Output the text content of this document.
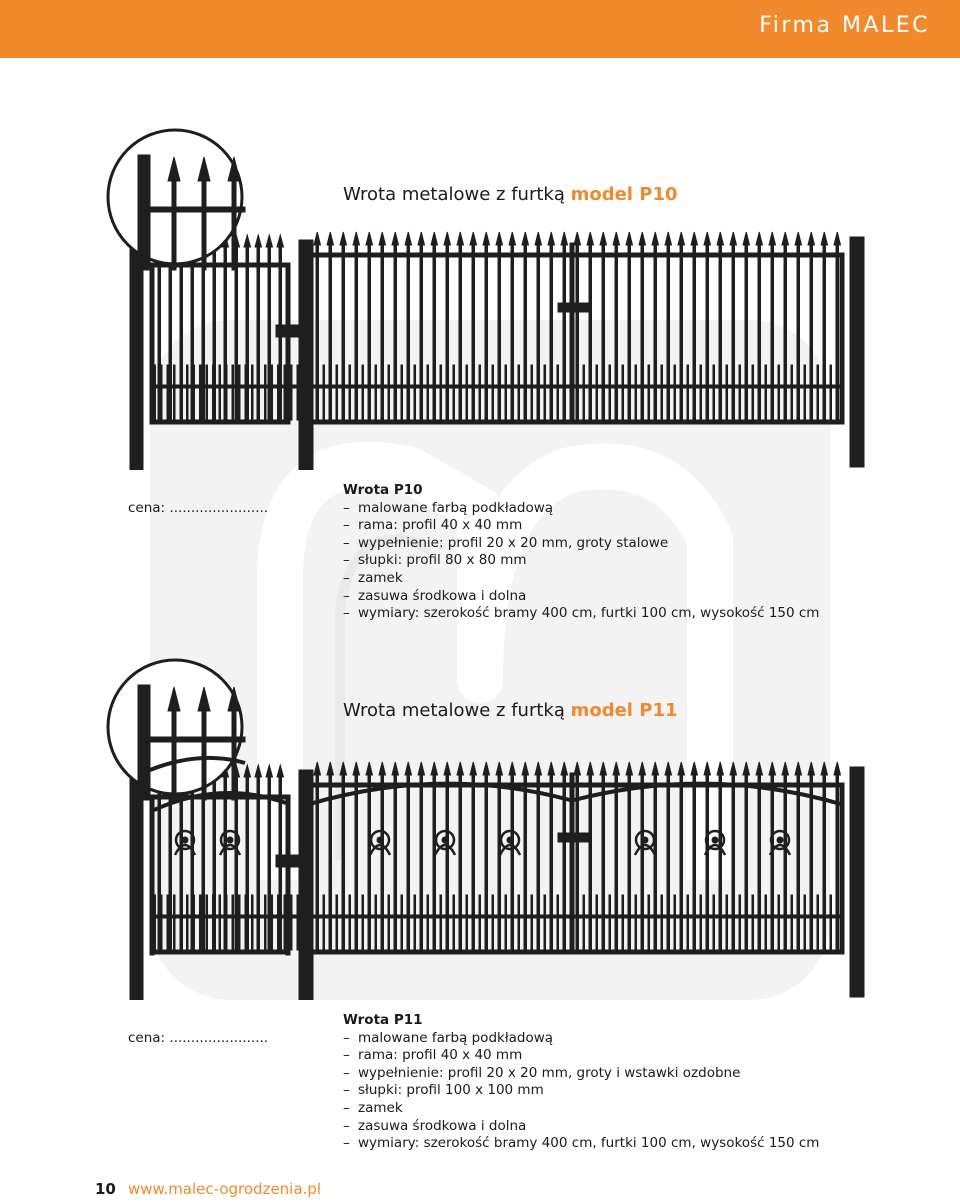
Firma MALEC
Wrota metalowe z furtką model P10
cena: .......................
Wrota P10
– malowane farbą podkładową
– rama: profil 40 x 40 mm
– wypełnienie: profil 20 x 20 mm, groty stalowe
– słupki: profil 80 x 80 mm
– zamek
– zasuwa środkowa i dolna
– wymiary: szerokość bramy 400 cm, furtki 100 cm, wysokość 150 cm
Wrota metalowe z furtką model P11
cena: .......................
Wrota P11
– malowane farbą podkładową
– rama: profil 40 x 40 mm
– wypełnienie: profil 20 x 20 mm, groty i wstawki ozdobne
– słupki: profil 100 x 100 mm
– zamek
– zasuwa środkowa i dolna
– wymiary: szerokość bramy 400 cm, furtki 100 cm, wysokość 150 cm
10 www.malec-ogrodzenia.pl
